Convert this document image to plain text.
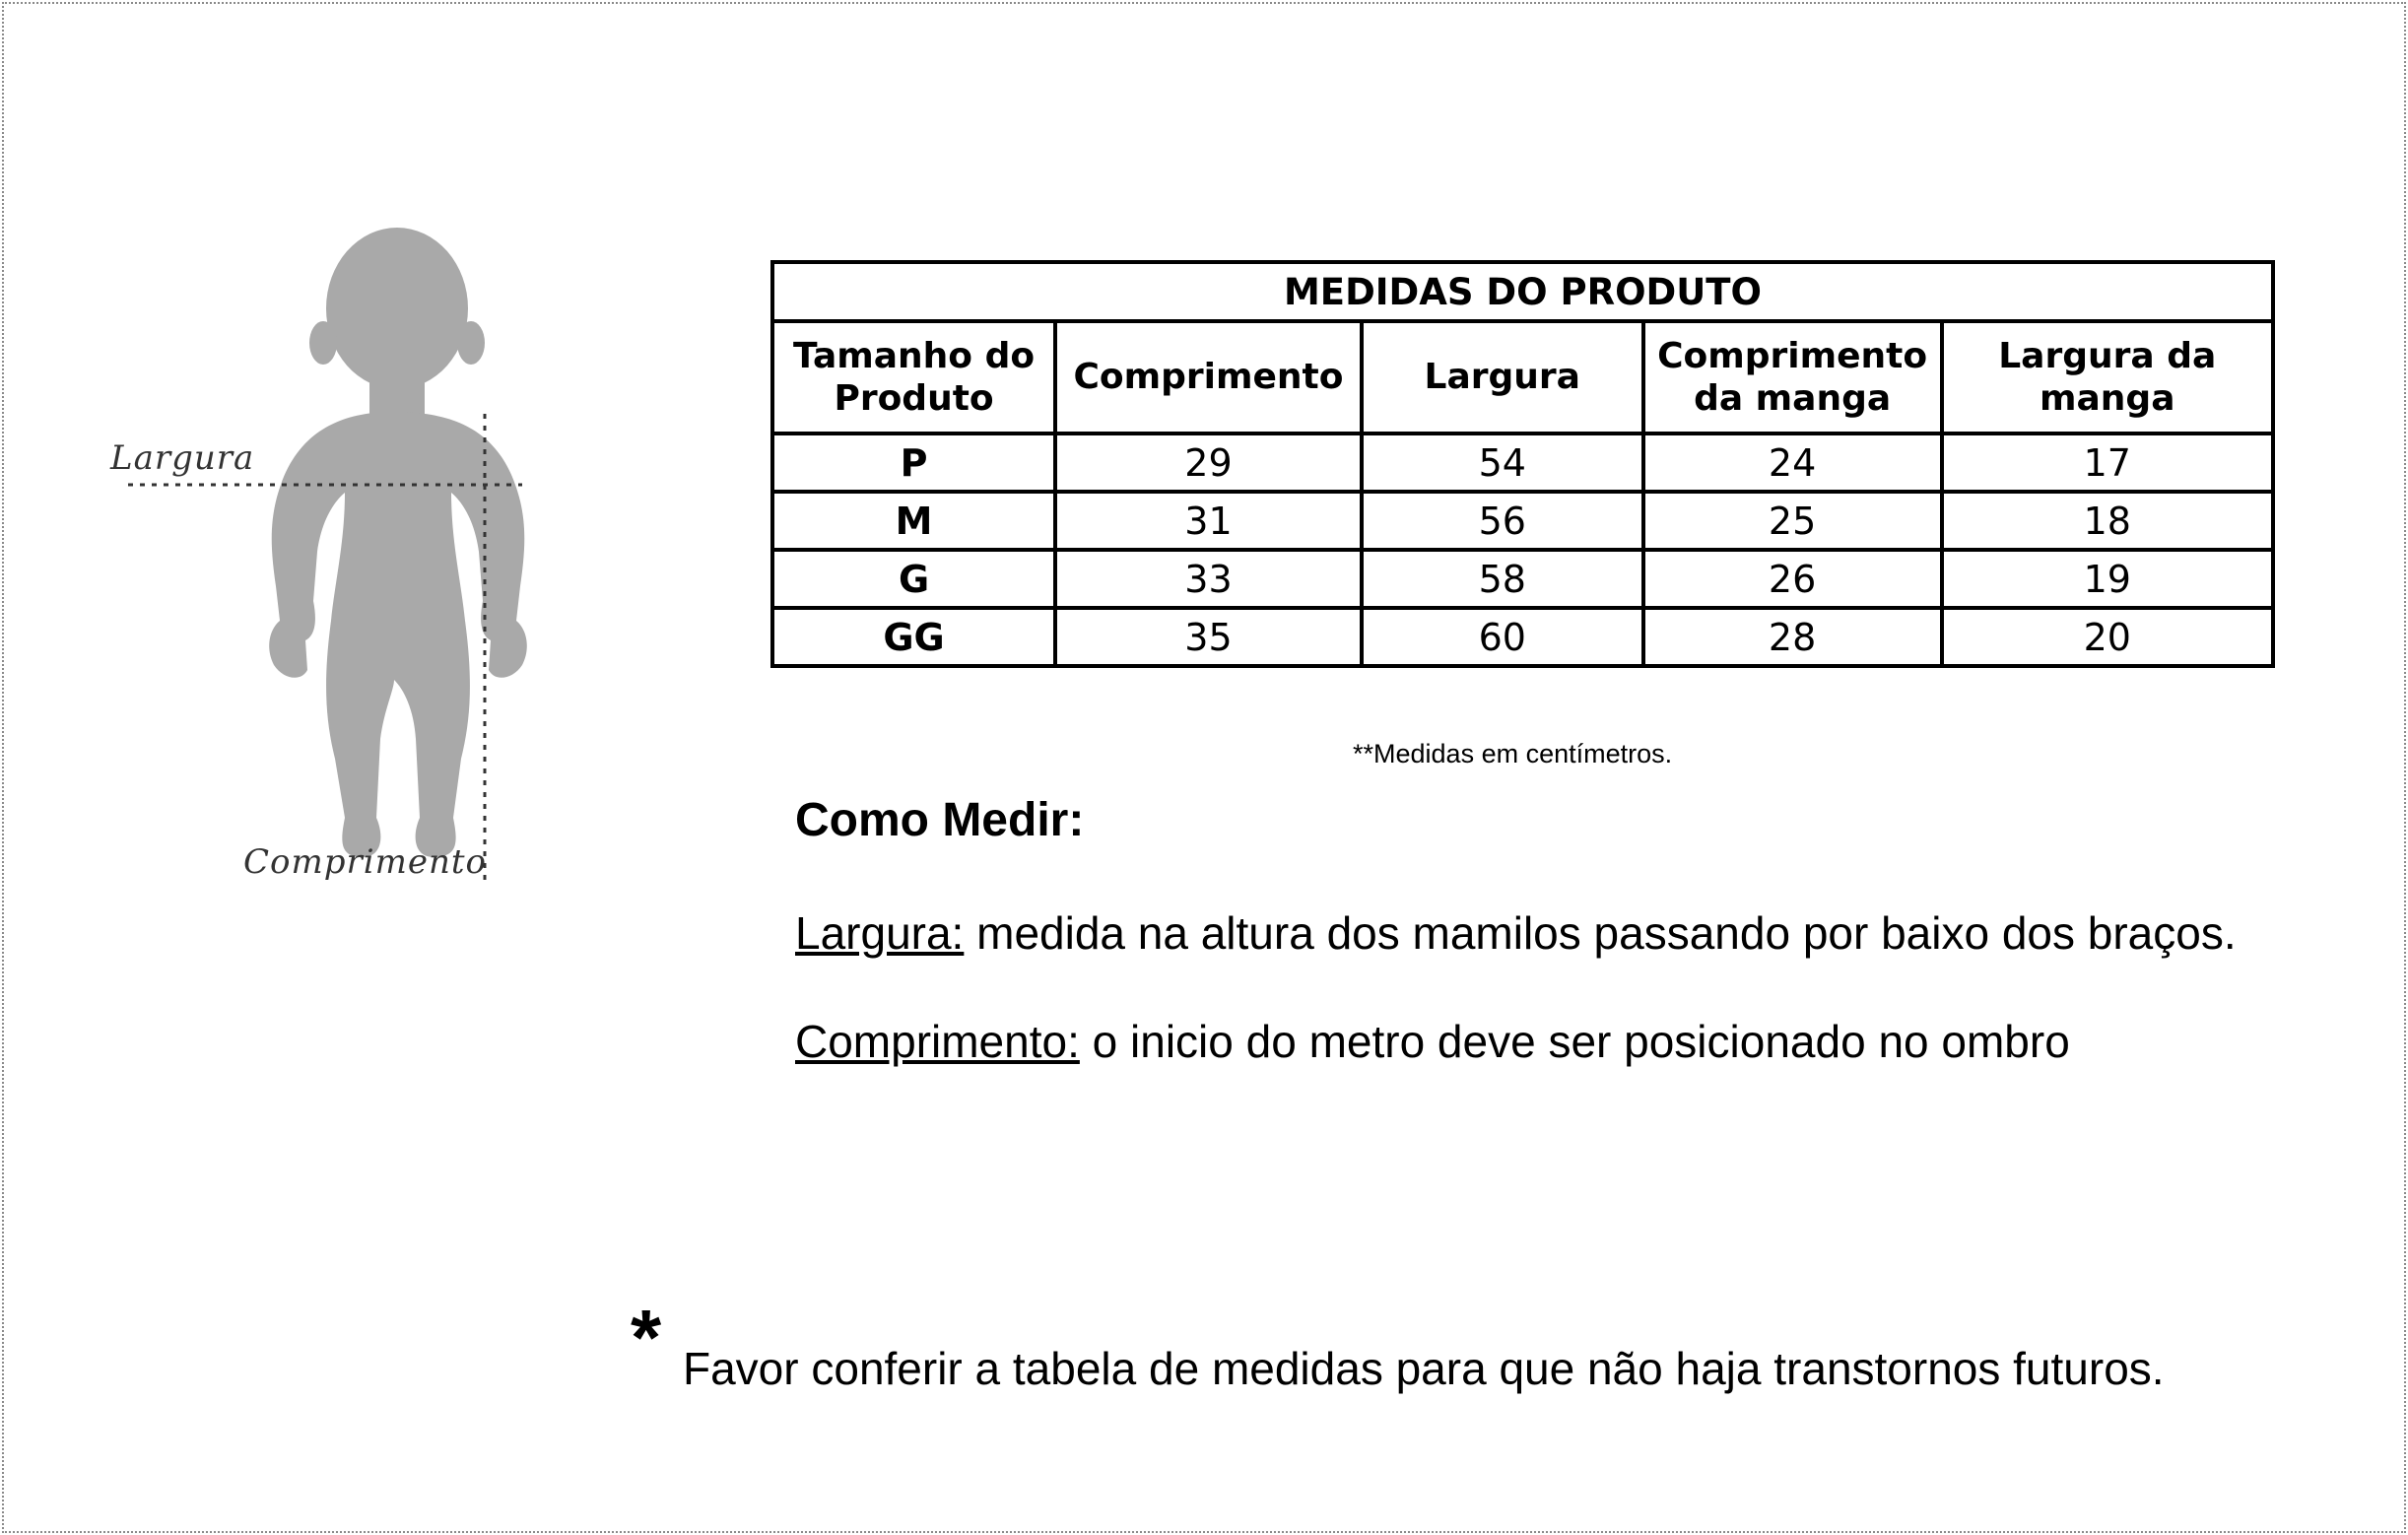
Largura
Comprimento
MEDIDAS DO PRODUTO				
Tamanho do Produto	Comprimento	Largura	Comprimento da manga	Largura da manga
P	29	54	24	17
M	31	56	25	18
G	33	58	26	19
GG	35	60	28	20
**Medidas em centímetros.
Como Medir:
Largura: medida na altura dos mamilos passando por baixo dos braços.
Comprimento: o inicio do metro deve ser posicionado no ombro
* Favor conferir a tabela de medidas para que não haja transtornos futuros.
